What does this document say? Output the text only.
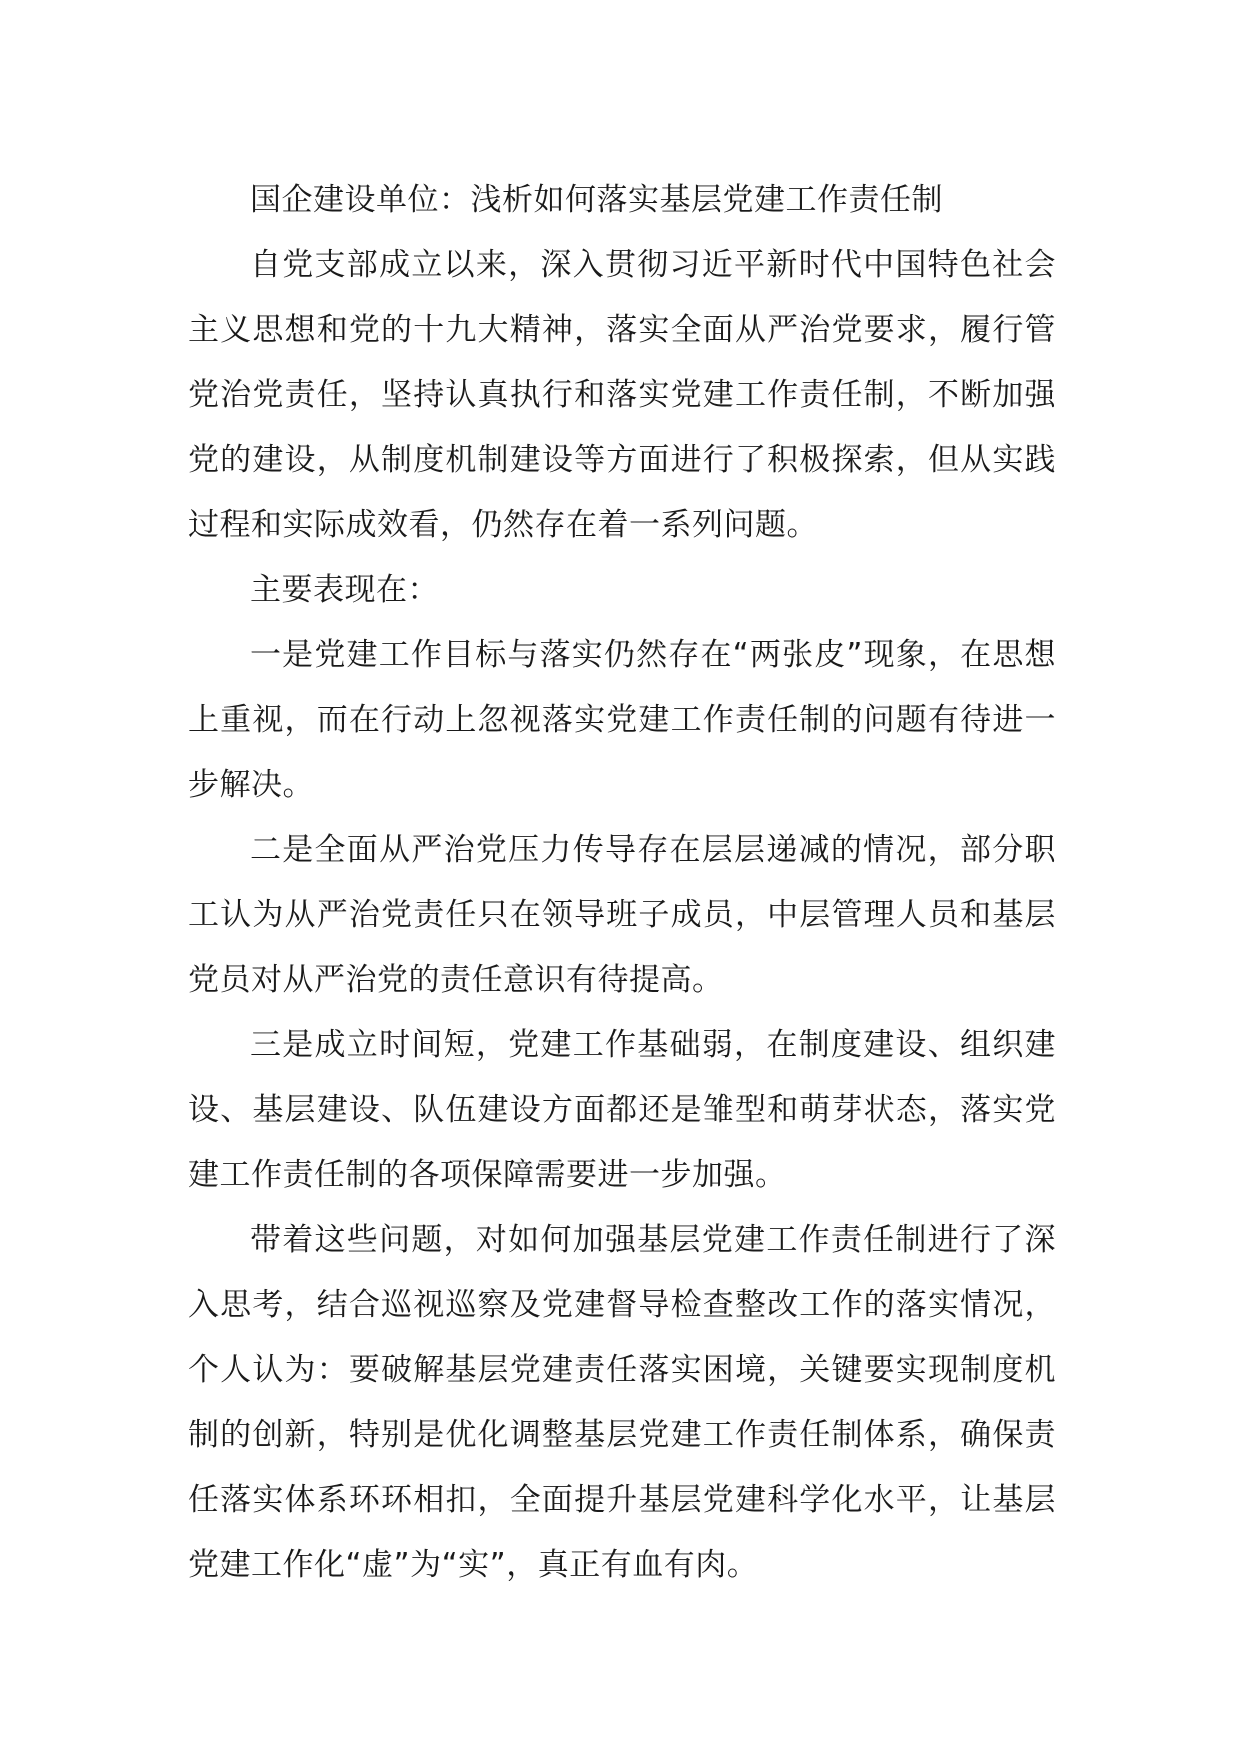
国企建设单位：浅析如何落实基层党建工作责任制

自党支部成立以来，深入贯彻习近平新时代中国特色社会主义思想和党的十九大精神，落实全面从严治党要求，履行管党治党责任，坚持认真执行和落实党建工作责任制，不断加强党的建设，从制度机制建设等方面进行了积极探索，但从实践过程和实际成效看，仍然存在着一系列问题。

主要表现在：

一是党建工作目标与落实仍然存在“两张皮”现象，在思想上重视，而在行动上忽视落实党建工作责任制的问题有待进一步解决。

二是全面从严治党压力传导存在层层递减的情况，部分职工认为从严治党责任只在领导班子成员，中层管理人员和基层党员对从严治党的责任意识有待提高。

三是成立时间短，党建工作基础弱，在制度建设、组织建设、基层建设、队伍建设方面都还是雏型和萌芽状态，落实党建工作责任制的各项保障需要进一步加强。

带着这些问题，对如何加强基层党建工作责任制进行了深入思考，结合巡视巡察及党建督导检查整改工作的落实情况，个人认为：要破解基层党建责任落实困境，关键要实现制度机制的创新，特别是优化调整基层党建工作责任制体系，确保责任落实体系环环相扣，全面提升基层党建科学化水平，让基层党建工作化“虚”为“实”，真正有血有肉。
